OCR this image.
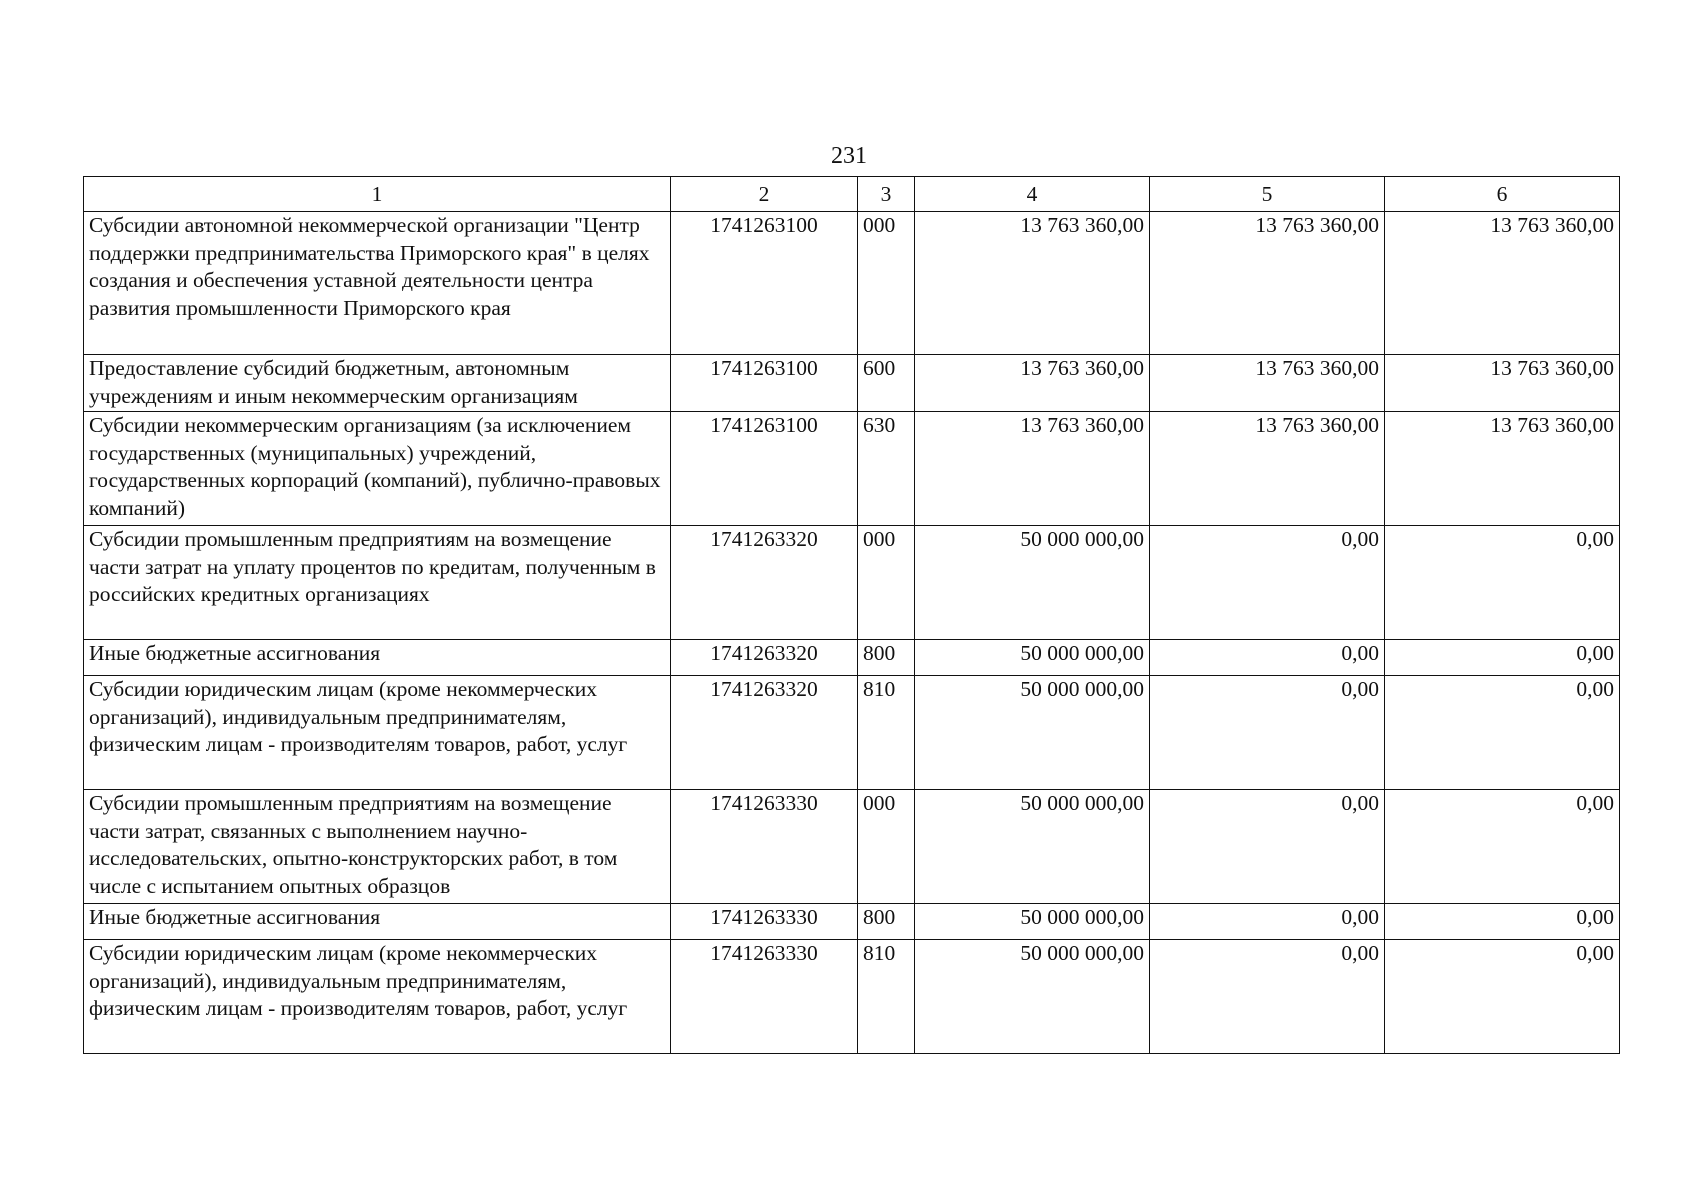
231
1	2	3	4	5	6
Субсидии автономной некоммерческой организации "Центр поддержки предпринимательства Приморского края" в целях создания и обеспечения уставной деятельности центра развития промышленности Приморского края	1741263100	000	13 763 360,00	13 763 360,00	13 763 360,00
Предоставление субсидий бюджетным, автономным учреждениям и иным некоммерческим организациям	1741263100	600	13 763 360,00	13 763 360,00	13 763 360,00
Субсидии некоммерческим организациям (за исключением государственных (муниципальных) учреждений, государственных корпораций (компаний), публично-правовых компаний)	1741263100	630	13 763 360,00	13 763 360,00	13 763 360,00
Субсидии промышленным предприятиям на возмещение части затрат на уплату процентов по кредитам, полученным в российских кредитных организациях	1741263320	000	50 000 000,00	0,00	0,00
Иные бюджетные ассигнования	1741263320	800	50 000 000,00	0,00	0,00
Субсидии юридическим лицам (кроме некоммерческих организаций), индивидуальным предпринимателям, физическим лицам - производителям товаров, работ, услуг	1741263320	810	50 000 000,00	0,00	0,00
Субсидии промышленным предприятиям на возмещение части затрат, связанных с выполнением научно-исследовательских, опытно-конструкторских работ, в том числе с испытанием опытных образцов	1741263330	000	50 000 000,00	0,00	0,00
Иные бюджетные ассигнования	1741263330	800	50 000 000,00	0,00	0,00
Субсидии юридическим лицам (кроме некоммерческих организаций), индивидуальным предпринимателям, физическим лицам - производителям товаров, работ, услуг	1741263330	810	50 000 000,00	0,00	0,00
